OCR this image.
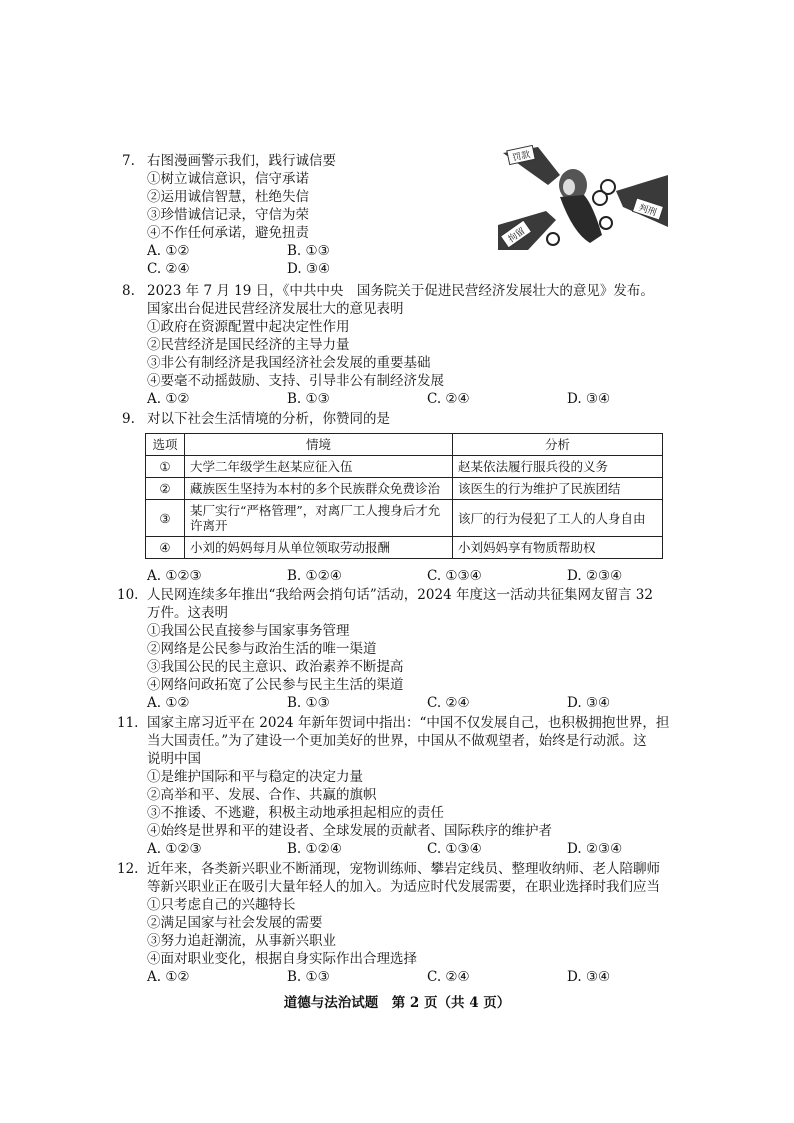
7. 右图漫画警示我们，践行诚信要
①树立诚信意识，信守承诺
②运用诚信智慧，杜绝失信
③珍惜诚信记录，守信为荣
④不作任何承诺，避免扭责
A. ①②	B. ①③
C. ②④	D. ③④
罚款
判刑
拘留
8. 2023 年 7 月 19 日，《中共中央　国务院关于促进民营经济发展壮大的意见》发布。
国家出台促进民营经济发展壮大的意见表明
①政府在资源配置中起决定性作用
②民营经济是国民经济的主导力量
③非公有制经济是我国经济社会发展的重要基础
④要毫不动摇鼓励、支持、引导非公有制经济发展
A. ①②	B. ①③	C. ②④	D. ③④
9. 对以下社会生活情境的分析，你赞同的是
选项	情境	分析
①	大学二年级学生赵某应征入伍	赵某依法履行服兵役的义务
②	藏族医生坚持为本村的多个民族群众免费诊治	该医生的行为维护了民族团结
③	某厂实行“严格管理”，对离厂工人搜身后才允许离开	该厂的行为侵犯了工人的人身自由
④	小刘的妈妈每月从单位领取劳动报酬	小刘妈妈享有物质帮助权
A. ①②③	B. ①②④	C. ①③④	D. ②③④
10. 人民网连续多年推出“我给两会捎句话”活动，2024 年度这一活动共征集网友留言 32
万件。这表明
①我国公民直接参与国家事务管理
②网络是公民参与政治生活的唯一渠道
③我国公民的民主意识、政治素养不断提高
④网络问政拓宽了公民参与民主生活的渠道
A. ①②	B. ①③	C. ②④	D. ③④
11. 国家主席习近平在 2024 年新年贺词中指出：“中国不仅发展自己，也积极拥抱世界，担
当大国责任。”为了建设一个更加美好的世界，中国从不做观望者，始终是行动派。这
说明中国
①是维护国际和平与稳定的决定力量
②高举和平、发展、合作、共赢的旗帜
③不推诿、不逃避，积极主动地承担起相应的责任
④始终是世界和平的建设者、全球发展的贡献者、国际秩序的维护者
A. ①②③	B. ①②④	C. ①③④	D. ②③④
12. 近年来，各类新兴职业不断涌现，宠物训练师、攀岩定线员、整理收纳师、老人陪聊师
等新兴职业正在吸引大量年轻人的加入。为适应时代发展需要，在职业选择时我们应当
①只考虑自己的兴趣特长
②满足国家与社会发展的需要
③努力追赶潮流，从事新兴职业
④面对职业变化，根据自身实际作出合理选择
A. ①②	B. ①③	C. ②④	D. ③④
道德与法治试题　第 2 页（共 4 页）
